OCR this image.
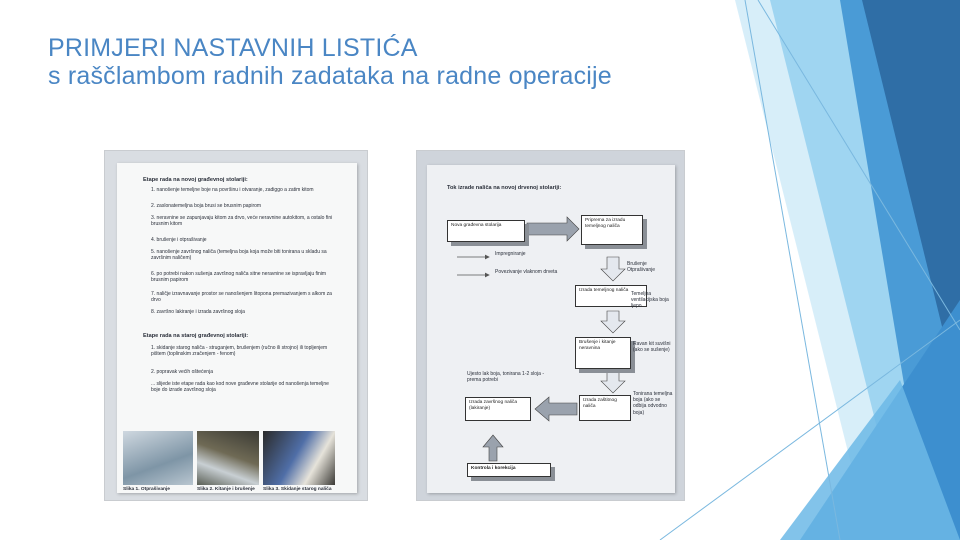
PRIMJERI NASTAVNIH LISTIĆA
s raščlambom radnih zadataka na radne operacije
Etape rada na novoj građevnoj stolariji:
1. nanošenje temeljne boje na površinu i otvaranje, zadiggo a zatim kitom
2. zaslonatemeljna boja brusi se brusnim papirom
3. neravnine se zapunjavaju kitom za drvo, veće neravnine autokitom, a ostalo fini brusnim kitom
4. brušenje i otprašivanje
5. nanošenje završnog naliča (temeljna boja koja može biti tonirana u skladu sa završnim naličem)
6. po potrebi nakon sušenja završnog naliča sitne neravnine se ispravljaju finim brusnim papirom
7. naličje izravnavanje prostor se nanošenjem litopona premazivanjem s alkom za drvo
8. završno lakiranje i izrada završnog sloja
Etape rada na staroj građevnoj stolariji:
1. skidanje starog naliča - struganjem, brušenjem (ručno ili strojno) ili topljenjem pištem (toplinskim zračenjem - fenom)
2. popravak većih oštećenja
... slijede iste etape rada kao kod nove građevne stolarije od nanošenja temeljne boje do izrade završnog sloja
Slika 1. Otprašivanje	Slika 2. Kitanje i brušenje	Slika 3. Skidanje starog naliča
Tok izrade naliča na novoj drvenoj stolariji:
Nova građevna stolarija
Priprema za izradu temeljnog naliča
Brušenje Otprašivanje
Impregniranje
Povezivanje vlaknom drveta
Izrada temeljnog naliča
Temeljna ventilacijska boja ljepo
Brušenje i kitanje neravnina
Ravan kit suvišni (ako se sušenje)
Ujesto lak boja, tonirana 1-2 sloja - prema potrebi
Izrada završnog naliča (lakiranje)
Izrada zaštitnog naliča
Tonirana temeljna boja (ako se odbija odvodno boja)
Kontrola i korekcija
